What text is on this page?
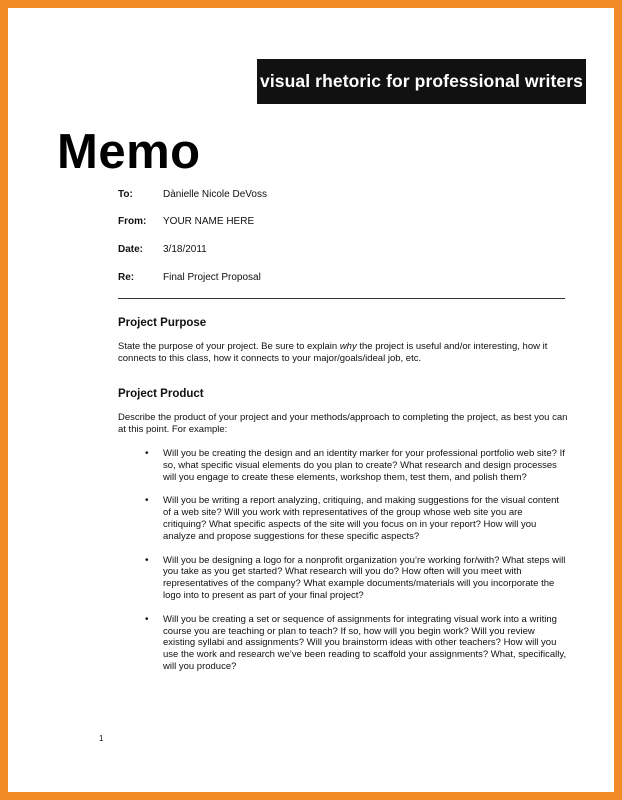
visual rhetoric for professional writers
Memo
To:	Dànielle Nicole DeVoss
From: YOUR NAME HERE
Date: 3/18/2011
Re:	Final Project Proposal
Project Purpose

State the purpose of your project. Be sure to explain why the project is useful and/or interesting, how it connects to this class, how it connects to your major/goals/ideal job, etc.

Project Product

Describe the product of your project and your methods/approach to completing the project, as best you can at this point. For example:

• Will you be creating the design and an identity marker for your professional portfolio web site? If so, what specific visual elements do you plan to create? What research and design processes will you engage to create these elements, workshop them, test them, and polish them?
• Will you be writing a report analyzing, critiquing, and making suggestions for the visual content of a web site? Will you work with representatives of the group whose web site you are critiquing? What specific aspects of the site will you focus on in your report? How will you analyze and propose suggestions for these specific aspects?
• Will you be designing a logo for a nonprofit organization you’re working for/with? What steps will you take as you get started? What research will you do? How often will you meet with representatives of the company? What example documents/materials will you incorporate the logo into to present as part of your final project?
• Will you be creating a set or sequence of assignments for integrating visual work into a writing course you are teaching or plan to teach? If so, how will you begin work? Will you review existing syllabi and assignments? Will you brainstorm ideas with other teachers? How will you use the work and research we’ve been reading to scaffold your assignments? What, specifically, will you produce?
1
